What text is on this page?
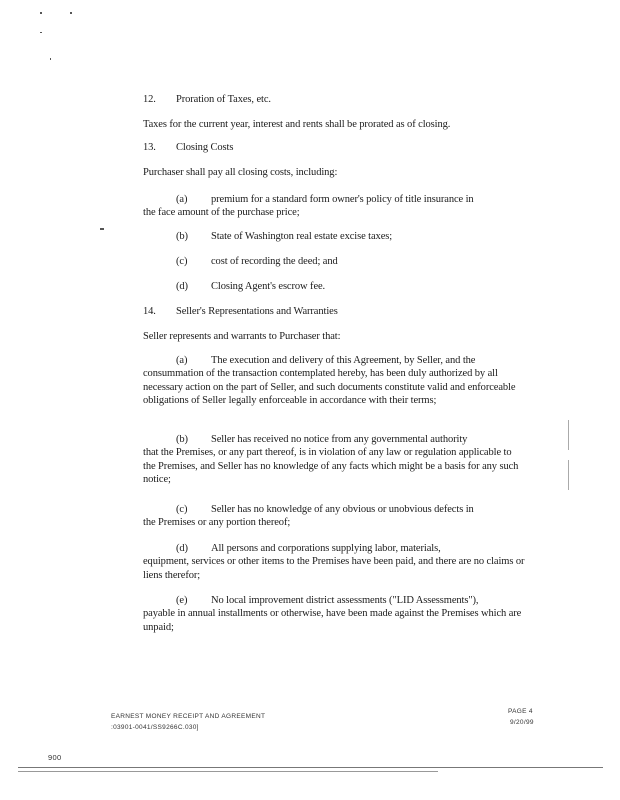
12. Proration of Taxes, etc.
Taxes for the current year, interest and rents shall be prorated as of closing.
13. Closing Costs
Purchaser shall pay all closing costs, including:
(a) premium for a standard form owner's policy of title insurance in
the face amount of the purchase price;
(b) State of Washington real estate excise taxes;
(c) cost of recording the deed; and
(d) Closing Agent's escrow fee.
14. Seller's Representations and Warranties
Seller represents and warrants to Purchaser that:
(a) The execution and delivery of this Agreement, by Seller, and the
consummation of the transaction contemplated hereby, has been duly authorized by all necessary action on the part of Seller, and such documents constitute valid and enforceable obligations of Seller legally enforceable in accordance with their terms;
(b) Seller has received no notice from any governmental authority
that the Premises, or any part thereof, is in violation of any law or regulation applicable to the Premises, and Seller has no knowledge of any facts which might be a basis for any such notice;
(c) Seller has no knowledge of any obvious or unobvious defects in
the Premises or any portion thereof;
(d) All persons and corporations supplying labor, materials,
equipment, services or other items to the Premises have been paid, and there are no claims or liens therefor;
(e) No local improvement district assessments ("LID Assessments"),
payable in annual installments or otherwise, have been made against the Premises which are unpaid;
EARNEST MONEY RECEIPT AND AGREEMENT
:03901-0041/SS9266C.030]
PAGE 4
9/20/99
900
